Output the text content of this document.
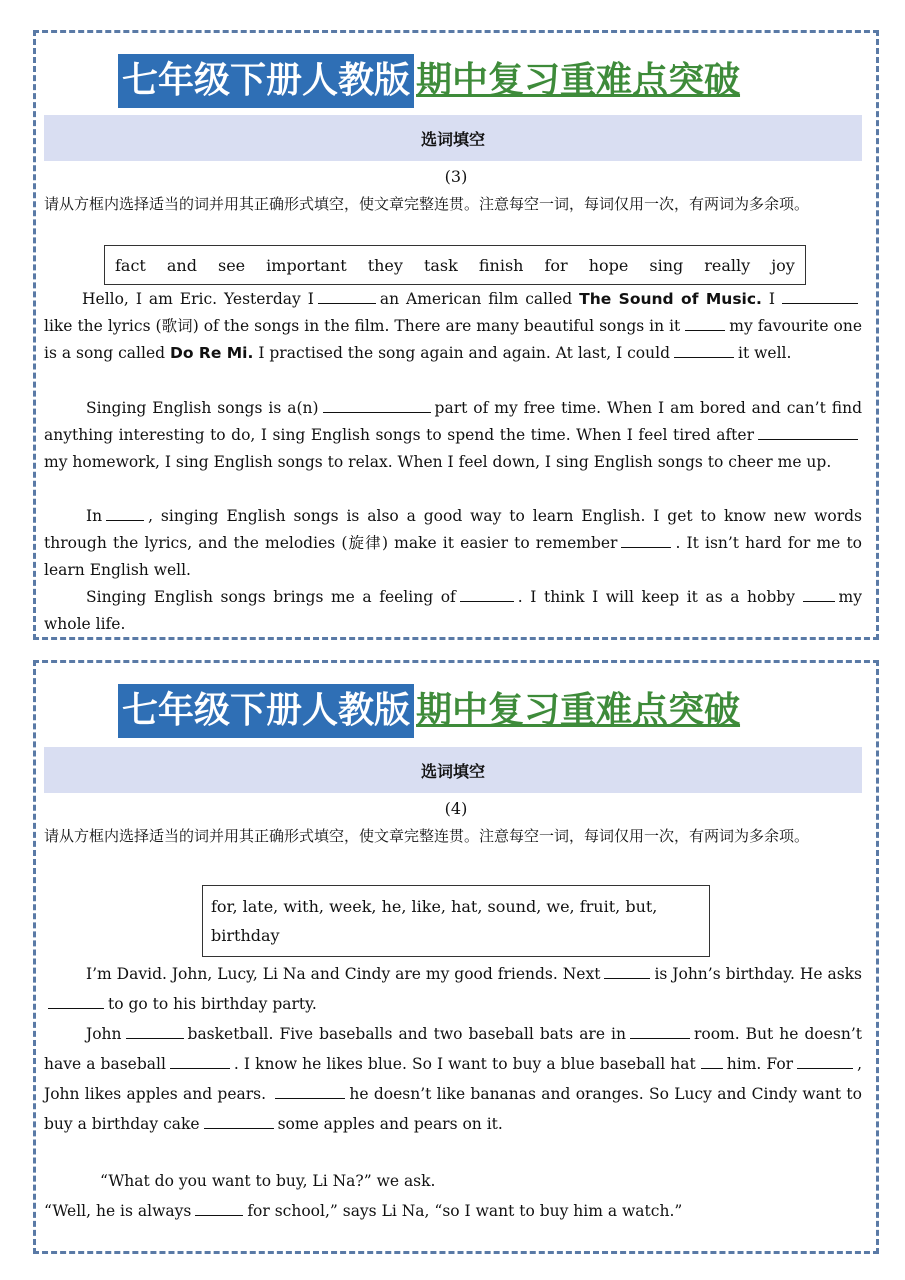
七年级下册人教版 期中复习重难点突破
选词填空
(3)
请从方框内选择适当的词并用其正确形式填空，使文章完整连贯。注意每空一词，每词仅用一次，有两词为多余项。
fact and see important they task finish for hope sing really joy
Hello, I am Eric. Yesterday I	an American film called The Sound of Music. I like the lyrics (歌词) of the songs in the film. There are many beautiful songs in it	my favourite one is a song called Do Re Mi. I practised the song again and again. At last, I could	it well.
Singing English songs is a(n)	part of my free time. When I am bored and can’t find anything interesting to do, I sing English songs to spend the time. When I feel tired aftermy homework, I sing English songs to relax. When I feel down, I sing English songs to cheer me up.
In	, singing English songs is also a good way to learn English. I get to know new words through the lyrics, and the melodies (旋律) make it easier to remember	. It isn’t hard for me to learn English well.
Singing English songs brings me a feeling of	. I think I will keep it as a hobby	my whole life.
七年级下册人教版 期中复习重难点突破
选词填空
(4)
请从方框内选择适当的词并用其正确形式填空，使文章完整连贯。注意每空一词，每词仅用一次，有两词为多余项。
for, late, with, week, he, like, hat, sound, we, fruit, but, birthday
I’m David. John, Lucy, Li Na and Cindy are my good friends. Next	is John’s birthday. He asksto go to his birthday party.
John	basketball. Five baseballs and two baseball bats are in	room. But he doesn’t have a baseball	. I know he likes blue. So I want to buy a blue baseball hat him. For	, John likes apples and pears.	he doesn’t like bananas and oranges. So Lucy and Cindy want to buy a birthday cake	some apples and pears on it.
“What do you want to buy, Li Na?” we ask.
“Well, he is always	for school,” says Li Na, “so I want to buy him a watch.”
